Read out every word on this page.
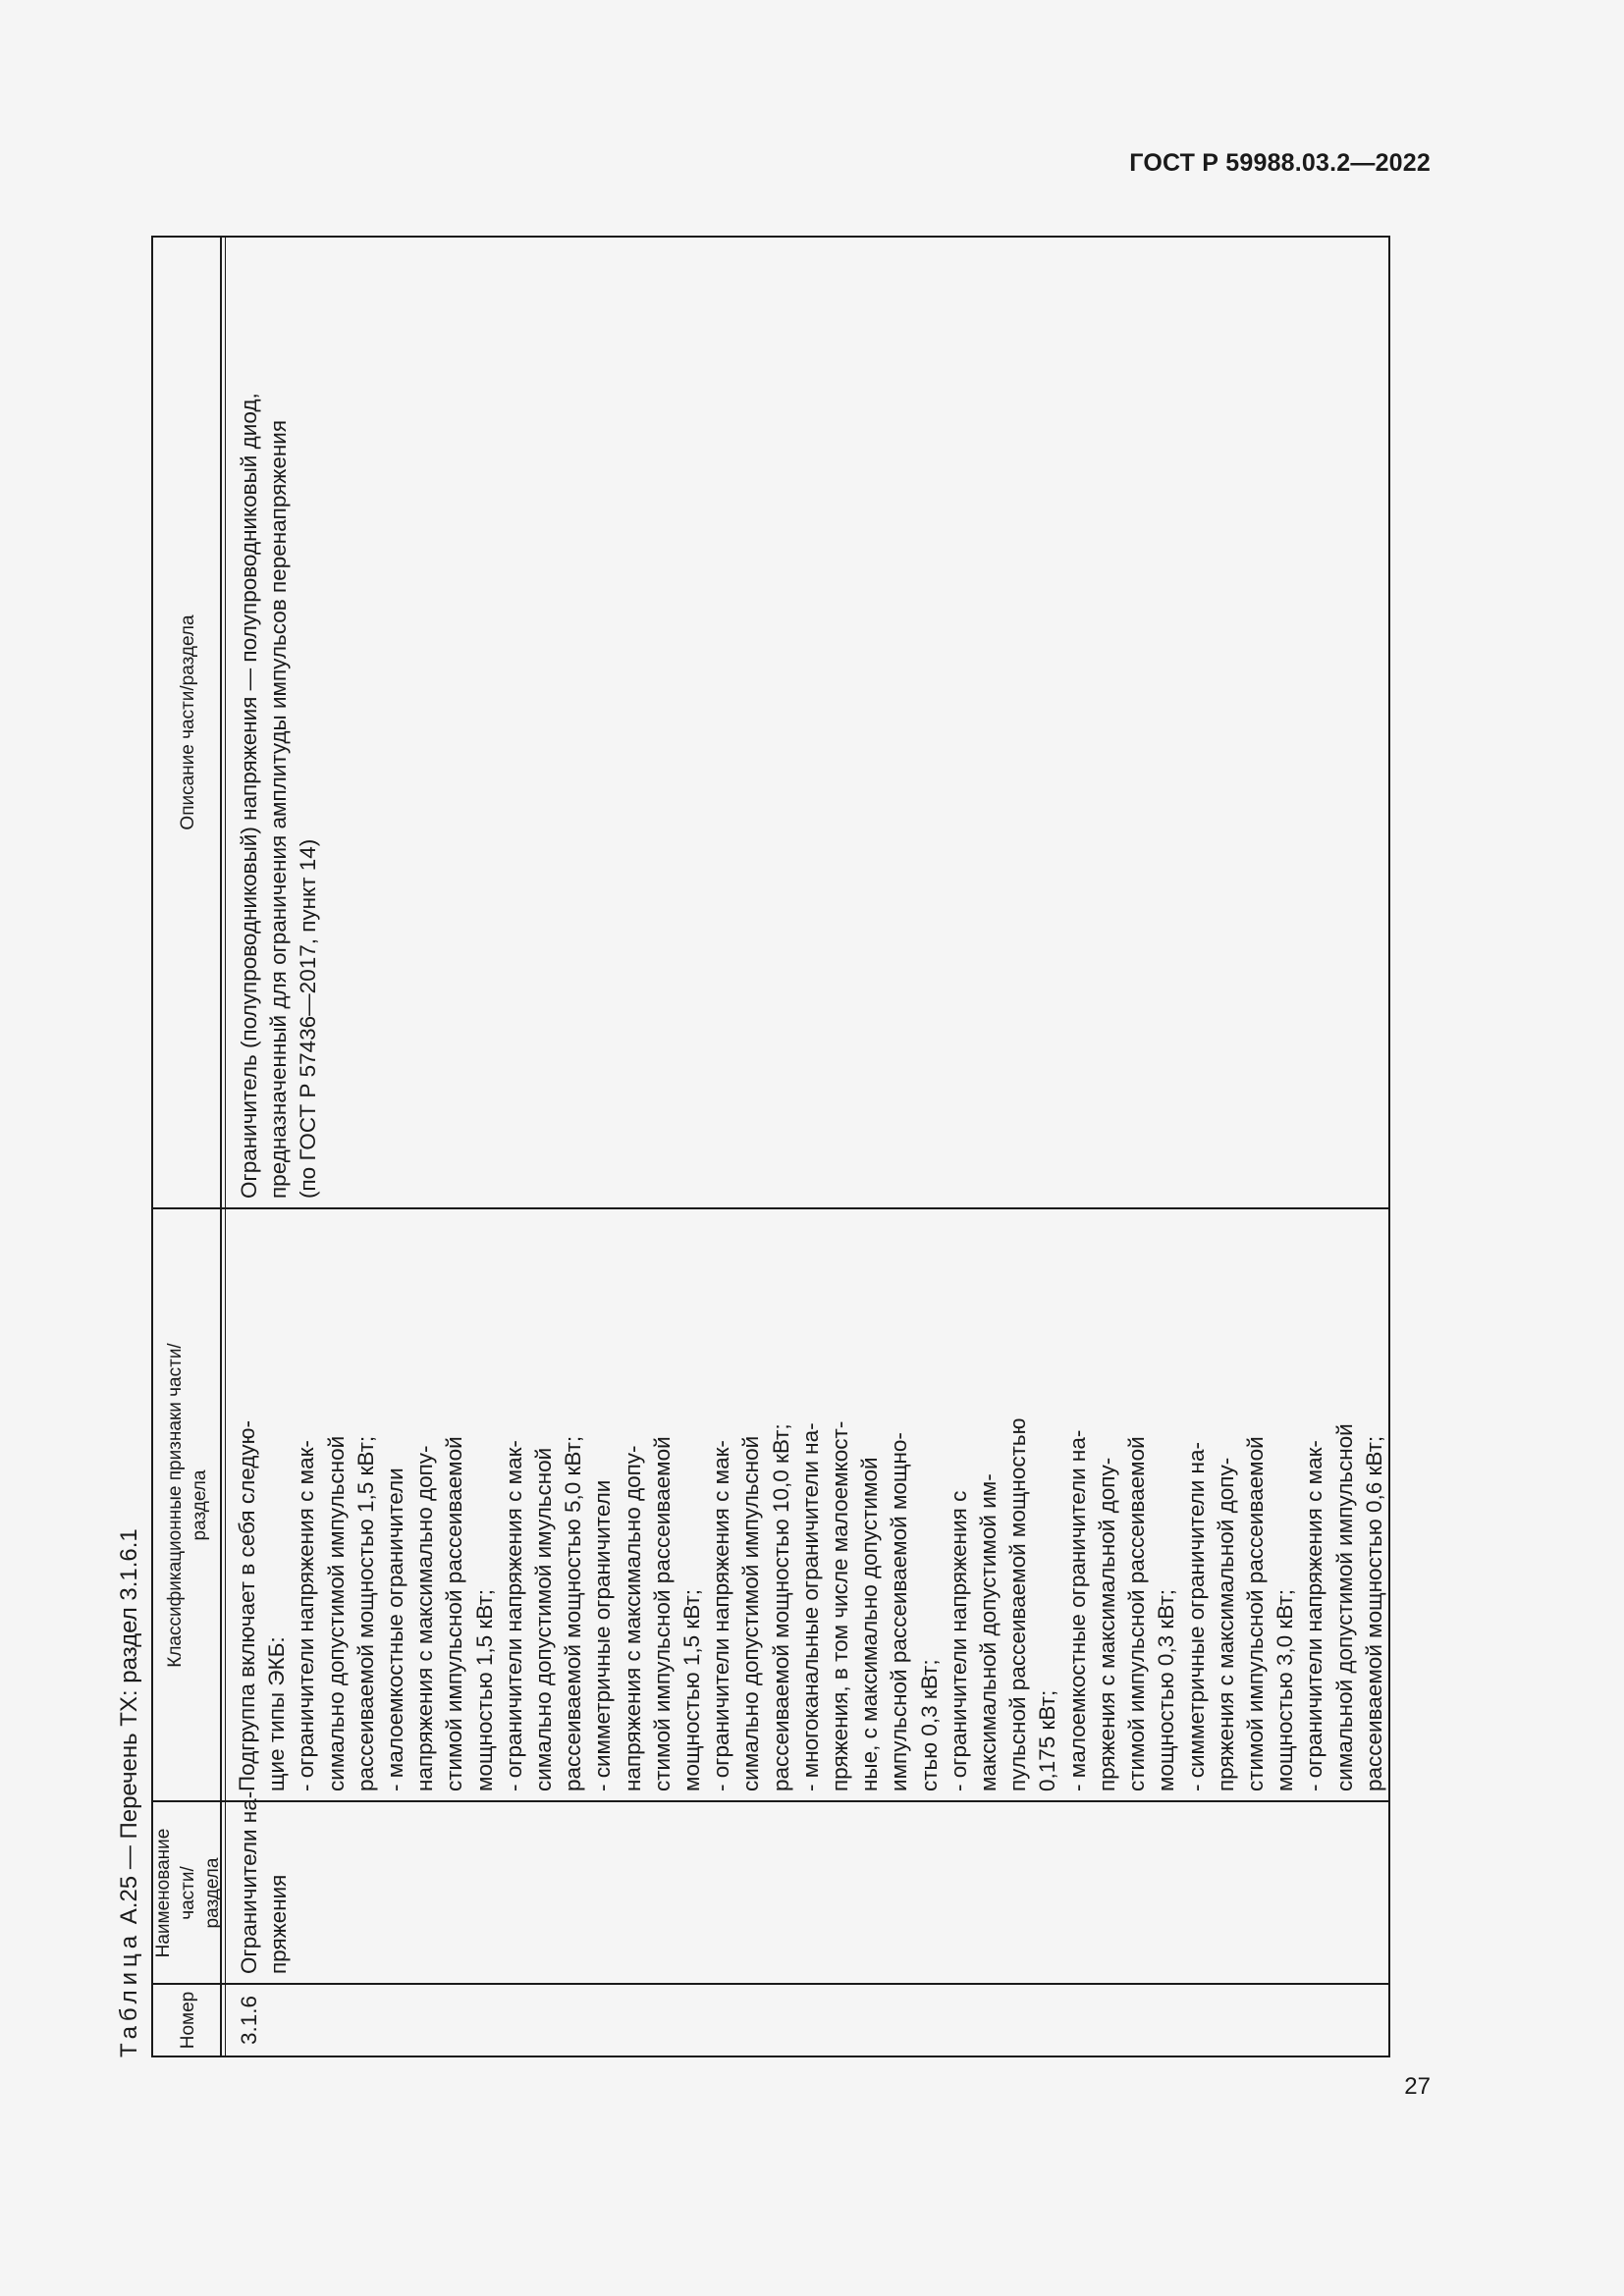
ГОСТ Р 59988.03.2—2022
Таблица А.25 — Перечень ТХ: раздел 3.1.6.1
Номер
Наименование части/
раздела
Классификационные признаки части/
раздела
Описание части/раздела
3.1.6
Ограничители на- пряжения
Подгруппа включает в себя следую- щие типы ЭКБ: - ограничители напряжения с мак- симально допустимой импульсной рассеиваемой мощностью 1,5 кВт; - малоемкостные ограничители напряжения с максимально допу- стимой импульсной рассеиваемой мощностью 1,5 кВт; - ограничители напряжения с мак- симально допустимой имульсной рассеиваемой мощностью 5,0 кВт; - симметричные ограничители напряжения с максимально допу- стимой импульсной рассеиваемой мощностью 1,5 кВт; - ограничители напряжения с мак- симально допустимой импульсной рассеиваемой мощностью 10,0 кВт; - многоканальные ограничители на- пряжения, в том числе малоемкост- ные, с максимально допустимой импульсной рассеиваемой мощно- стью 0,3 кВт; - ограничители напряжения с максимальной допустимой им- пульсной рассеиваемой мощностью 0,175 кВт; - малоемкостные ограничители на- пряжения с максимальной допу- стимой импульсной рассеиваемой мощностью 0,3 кВт; - симметричные ограничители на- пряжения с максимальной допу- стимой импульсной рассеиваемой мощностью 3,0 кВт; - ограничители напряжения с мак- симальной допустимой импульсной рассеиваемой мощностью 0,6 кВт;
Ограничитель (полупроводниковый) напряжения — полупроводниковый диод, предназначенный для ограничения амплитуды импульсов перенапряжения (по ГОСТ Р 57436—2017, пункт 14)
27
